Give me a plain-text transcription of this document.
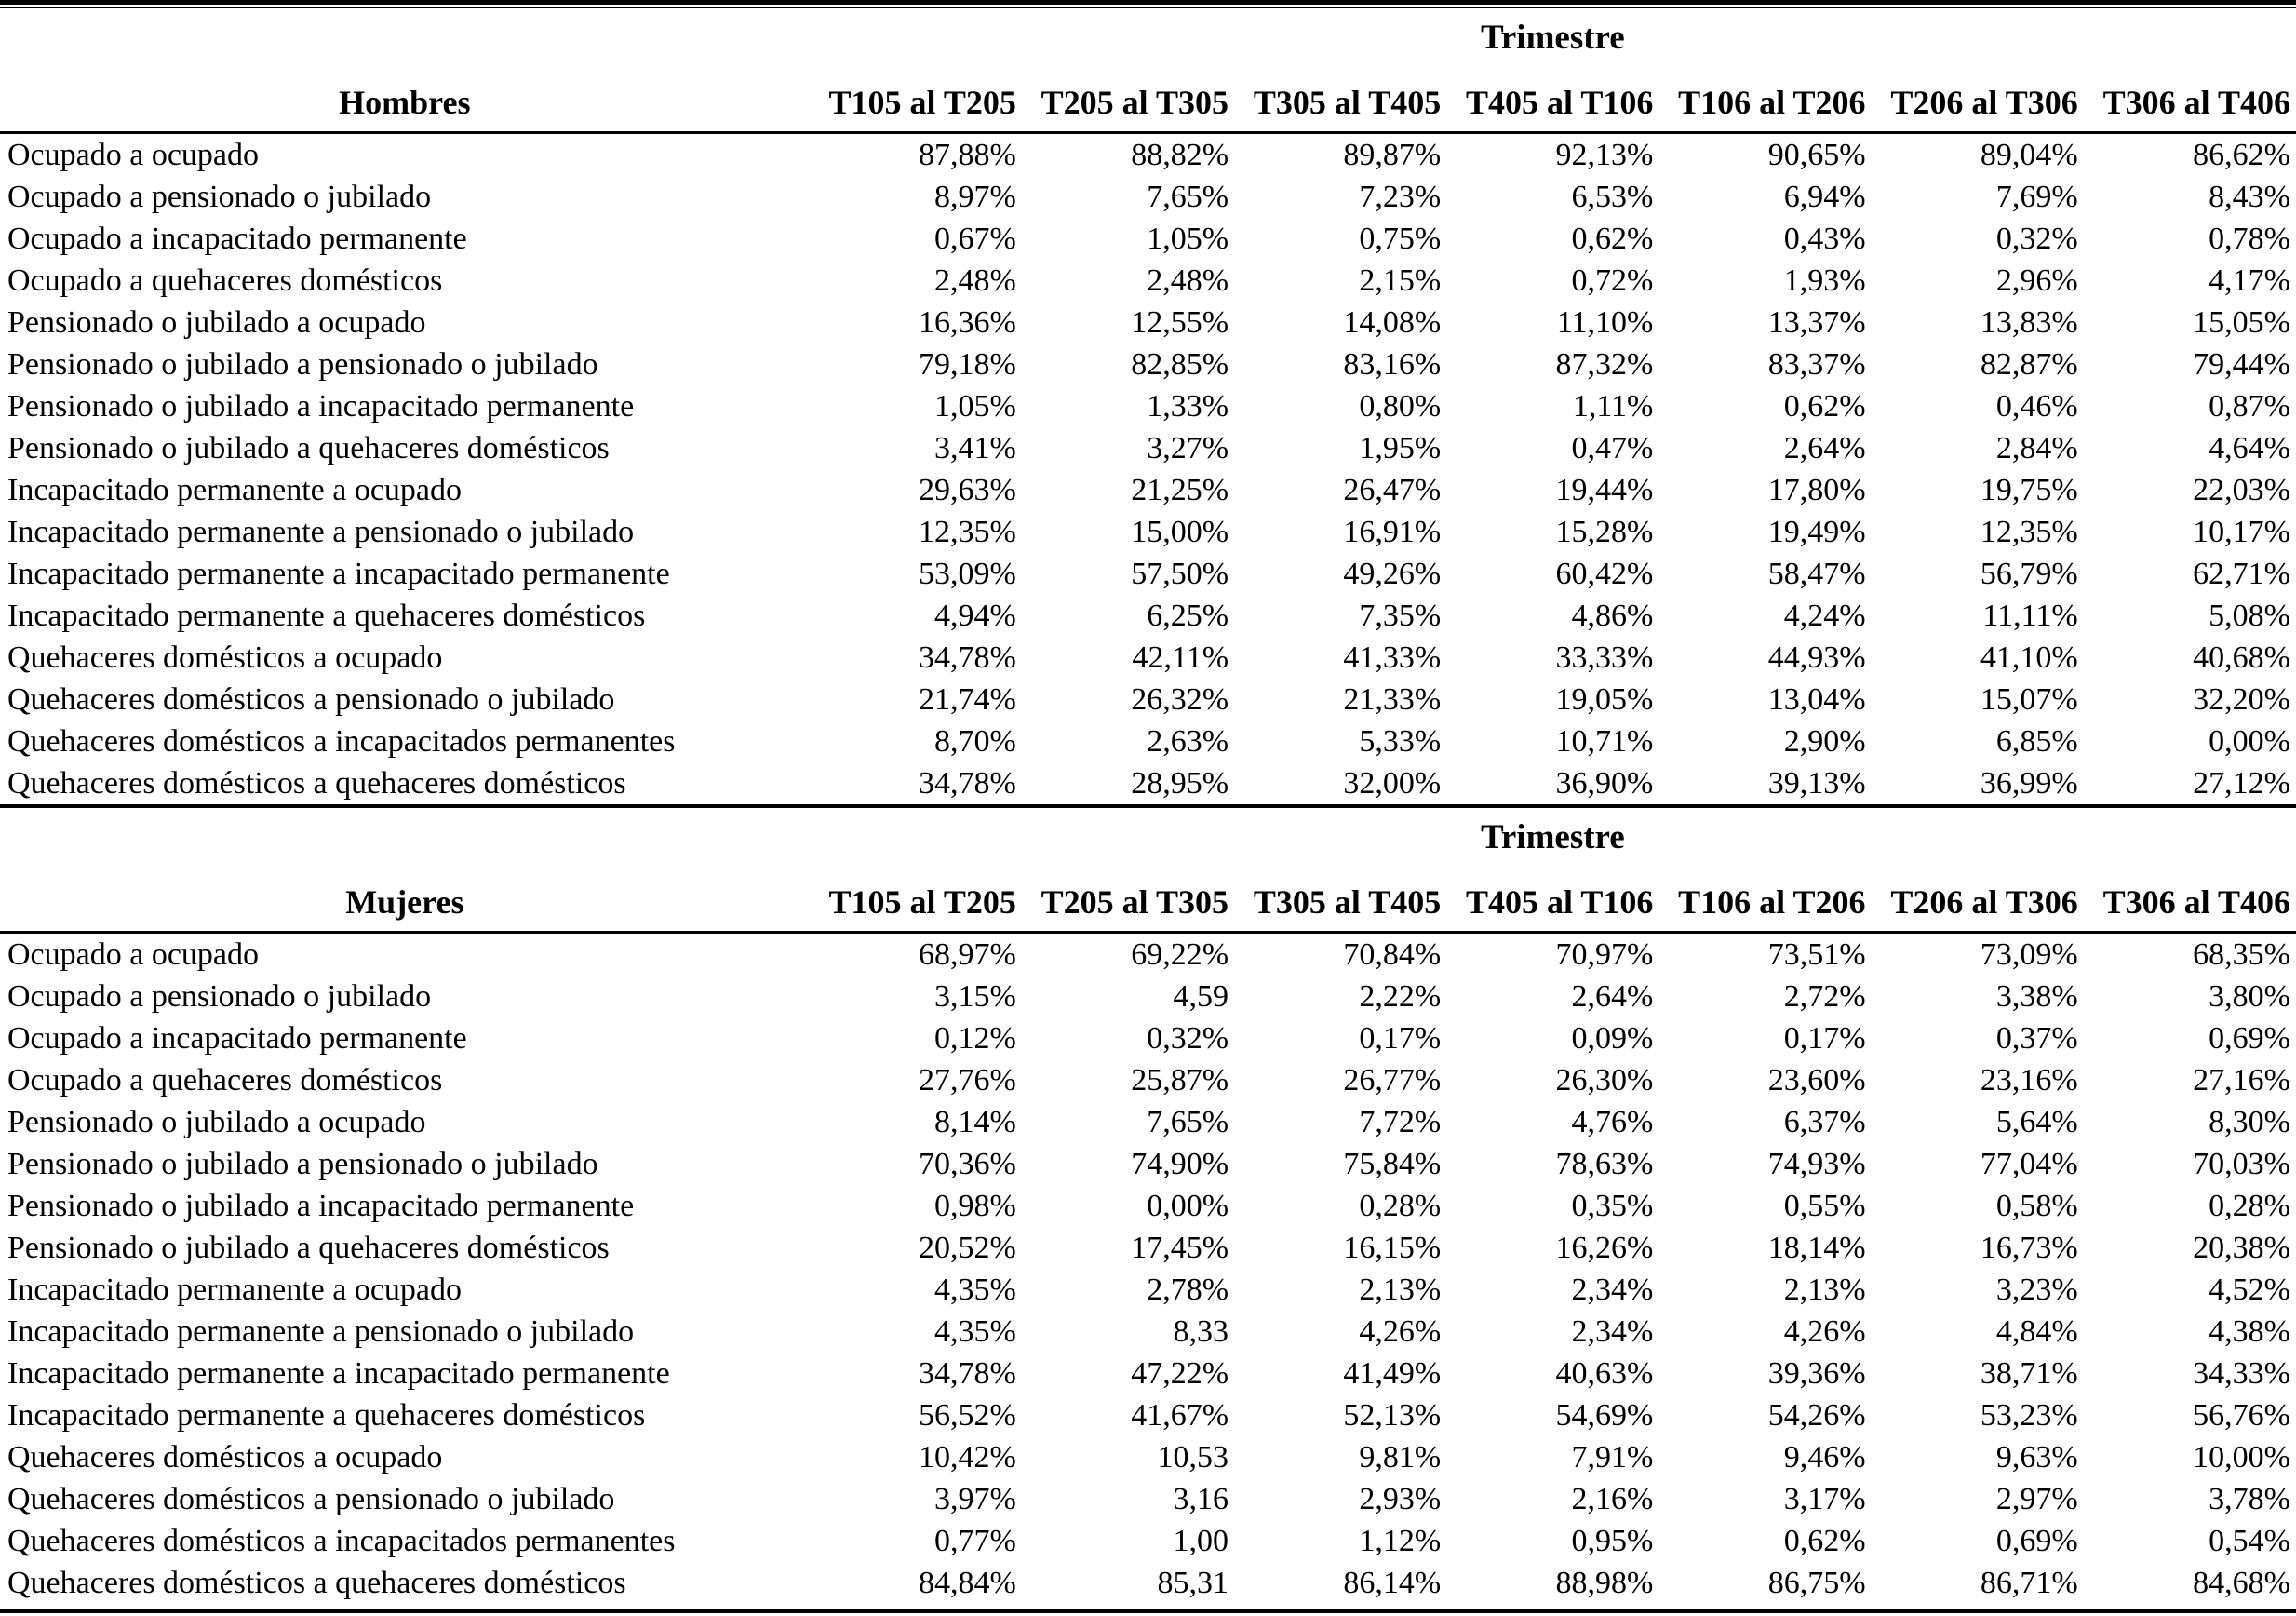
	Trimestre						
Hombres	T105 al T205	T205 al T305	T305 al T405	T405 al T106	T106 al T206	T206 al T306	T306 al T406
Ocupado a ocupado	87,88%	88,82%	89,87%	92,13%	90,65%	89,04%	86,62%
Ocupado a pensionado o jubilado	8,97%	7,65%	7,23%	6,53%	6,94%	7,69%	8,43%
Ocupado a incapacitado permanente	0,67%	1,05%	0,75%	0,62%	0,43%	0,32%	0,78%
Ocupado a quehaceres domésticos	2,48%	2,48%	2,15%	0,72%	1,93%	2,96%	4,17%
Pensionado o jubilado a ocupado	16,36%	12,55%	14,08%	11,10%	13,37%	13,83%	15,05%
Pensionado o jubilado a pensionado o jubilado	79,18%	82,85%	83,16%	87,32%	83,37%	82,87%	79,44%
Pensionado o jubilado a incapacitado permanente	1,05%	1,33%	0,80%	1,11%	0,62%	0,46%	0,87%
Pensionado o jubilado a quehaceres domésticos	3,41%	3,27%	1,95%	0,47%	2,64%	2,84%	4,64%
Incapacitado permanente a ocupado	29,63%	21,25%	26,47%	19,44%	17,80%	19,75%	22,03%
Incapacitado permanente a pensionado o jubilado	12,35%	15,00%	16,91%	15,28%	19,49%	12,35%	10,17%
Incapacitado permanente a incapacitado permanente	53,09%	57,50%	49,26%	60,42%	58,47%	56,79%	62,71%
Incapacitado permanente a quehaceres domésticos	4,94%	6,25%	7,35%	4,86%	4,24%	11,11%	5,08%
Quehaceres domésticos a ocupado	34,78%	42,11%	41,33%	33,33%	44,93%	41,10%	40,68%
Quehaceres domésticos a pensionado o jubilado	21,74%	26,32%	21,33%	19,05%	13,04%	15,07%	32,20%
Quehaceres domésticos a incapacitados permanentes	8,70%	2,63%	5,33%	10,71%	2,90%	6,85%	0,00%
Quehaceres domésticos a quehaceres domésticos	34,78%	28,95%	32,00%	36,90%	39,13%	36,99%	27,12%
	Trimestre						
Mujeres	T105 al T205	T205 al T305	T305 al T405	T405 al T106	T106 al T206	T206 al T306	T306 al T406
Ocupado a ocupado	68,97%	69,22%	70,84%	70,97%	73,51%	73,09%	68,35%
Ocupado a pensionado o jubilado	3,15%	4,59	2,22%	2,64%	2,72%	3,38%	3,80%
Ocupado a incapacitado permanente	0,12%	0,32%	0,17%	0,09%	0,17%	0,37%	0,69%
Ocupado a quehaceres domésticos	27,76%	25,87%	26,77%	26,30%	23,60%	23,16%	27,16%
Pensionado o jubilado a ocupado	8,14%	7,65%	7,72%	4,76%	6,37%	5,64%	8,30%
Pensionado o jubilado a pensionado o jubilado	70,36%	74,90%	75,84%	78,63%	74,93%	77,04%	70,03%
Pensionado o jubilado a incapacitado permanente	0,98%	0,00%	0,28%	0,35%	0,55%	0,58%	0,28%
Pensionado o jubilado a quehaceres domésticos	20,52%	17,45%	16,15%	16,26%	18,14%	16,73%	20,38%
Incapacitado permanente a ocupado	4,35%	2,78%	2,13%	2,34%	2,13%	3,23%	4,52%
Incapacitado permanente a pensionado o jubilado	4,35%	8,33	4,26%	2,34%	4,26%	4,84%	4,38%
Incapacitado permanente a incapacitado permanente	34,78%	47,22%	41,49%	40,63%	39,36%	38,71%	34,33%
Incapacitado permanente a quehaceres domésticos	56,52%	41,67%	52,13%	54,69%	54,26%	53,23%	56,76%
Quehaceres domésticos a ocupado	10,42%	10,53	9,81%	7,91%	9,46%	9,63%	10,00%
Quehaceres domésticos a pensionado o jubilado	3,97%	3,16	2,93%	2,16%	3,17%	2,97%	3,78%
Quehaceres domésticos a incapacitados permanentes	0,77%	1,00	1,12%	0,95%	0,62%	0,69%	0,54%
Quehaceres domésticos a quehaceres domésticos	84,84%	85,31	86,14%	88,98%	86,75%	86,71%	84,68%
